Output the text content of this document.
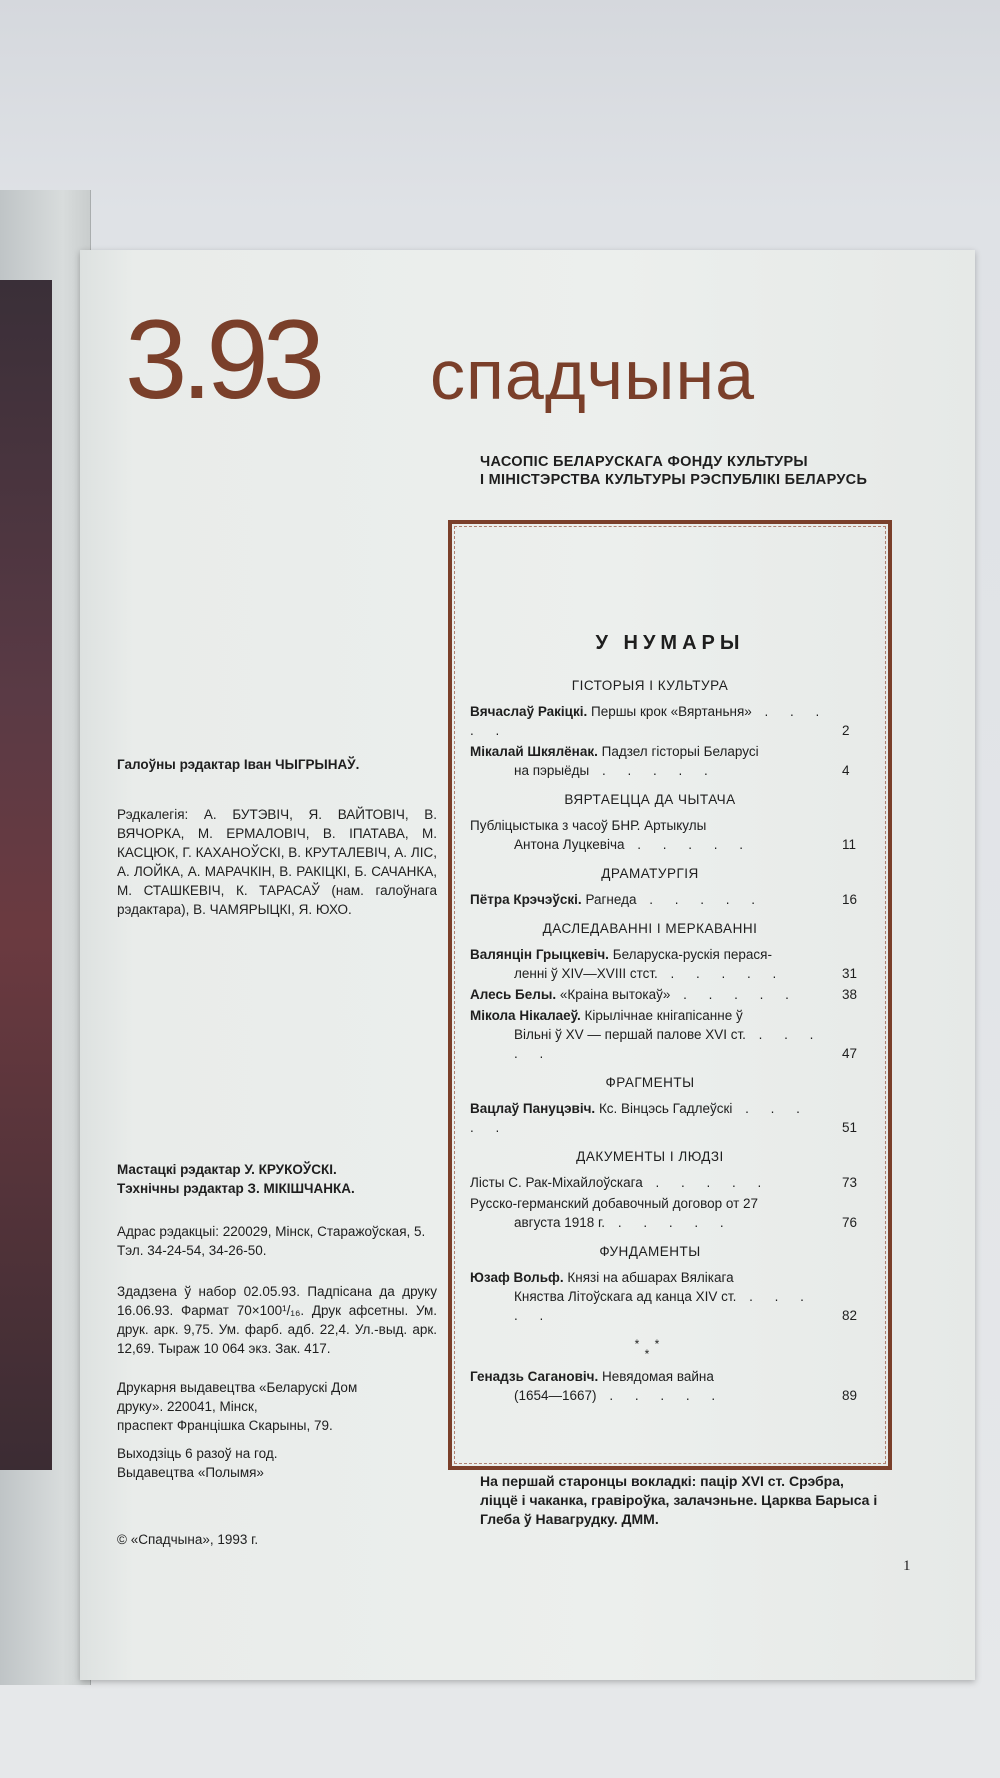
3.93 спадчына
ЧАСОПІС БЕЛАРУСКАГА ФОНДУ КУЛЬТУРЫ
І МІНІСТЭРСТВА КУЛЬТУРЫ РЭСПУБЛІКІ БЕЛАРУСЬ
Галоўны рэдактар Іван ЧЫГРЫНАЎ.
Рэдкалегія: А. БУТЭВІЧ, Я. ВАЙТОВІЧ, В. ВЯЧОРКА, М. ЕРМАЛОВІЧ, В. ІПАТАВА, М. КАСЦЮК, Г. КАХАНОЎСКІ, В. КРУТАЛЕВІЧ, А. ЛІС, А. ЛОЙКА, А. МАРАЧКІН, В. РАКІЦКІ, Б. САЧАНКА, М. СТАШКЕВІЧ, К. ТАРАСАЎ (нам. галоўнага рэдактара), В. ЧАМЯРЫЦКІ, Я. ЮХО.
Мастацкі рэдактар У. КРУКОЎСКІ.
Тэхнічны рэдактар З. МІКІШЧАНКА.
Адрас рэдакцыі: 220029, Мінск, Старажоўская, 5. Тэл. 34-24-54, 34-26-50.
Здадзена ў набор 02.05.93. Падпісана да друку 16.06.93. Фармат 70×100¹/₁₆. Друк афсетны. Ум. друк. арк. 9,75. Ум. фарб. адб. 22,4. Ул.-выд. арк. 12,69. Тыраж 10 064 экз. Зак. 417.
Друкарня выдавецтва «Беларускі Дом
друку». 220041, Мінск,
праспект Францішка Скарыны, 79.
Выходзіць 6 разоў на год.
Выдавецтва «Полымя»
© «Спадчына», 1993 г.
У НУМАРЫ
ГІСТОРЫЯ І КУЛЬТУРА
Вячаслаў Ракіцкі. Першы крок «Вяртаньня» . . . . .	2
Мікалай Шкялёнак. Падзел гісторыі Беларусі
на пэрыёды . . . . .	4
ВЯРТАЕЦЦА ДА ЧЫТАЧА
Публіцыстыка з часоў БНР. Артыкулы
Антона Луцкевіча . . . . .	11
ДРАМАТУРГІЯ
Пётра Крэчэўскі. Рагнеда . . . . .	16
ДАСЛЕДАВАННІ І МЕРКАВАННІ
Валянцін Грыцкевіч. Беларуска-рускія перася-
ленні ў XIV—XVIII стст. . . . . .	31
Алесь Белы. «Краіна вытокаў» . . . . .	38
Мікола Нікалаеў. Кірылічнае кнігапісанне ў
Вільні ў XV — першай палове XVI ст. . . . . .	47
ФРАГМЕНТЫ
Вацлаў Пануцэвіч. Кс. Вінцэсь Гадлеўскі . . . . .	51
ДАКУМЕНТЫ І ЛЮДЗІ
Лісты С. Рак-Міхайлоўскага . . . . .	73
Русско-германский добавочный договор от 27
августа 1918 г. . . . . .	76
ФУНДАМЕНТЫ
Юзаф Вольф. Князі на абшарах Вялікага
Княства Літоўскага ад канца XIV ст. . . . . .	82
* *
*
Генадзь Сагановіч. Невядомая вайна
(1654—1667) . . . . .	89
На першай старонцы вокладкі: пацір XVI ст. Срэбра, ліццё і чаканка, гравіроўка, залачэньне. Царква Барыса і Глеба ў Навагрудку. ДММ.
1
